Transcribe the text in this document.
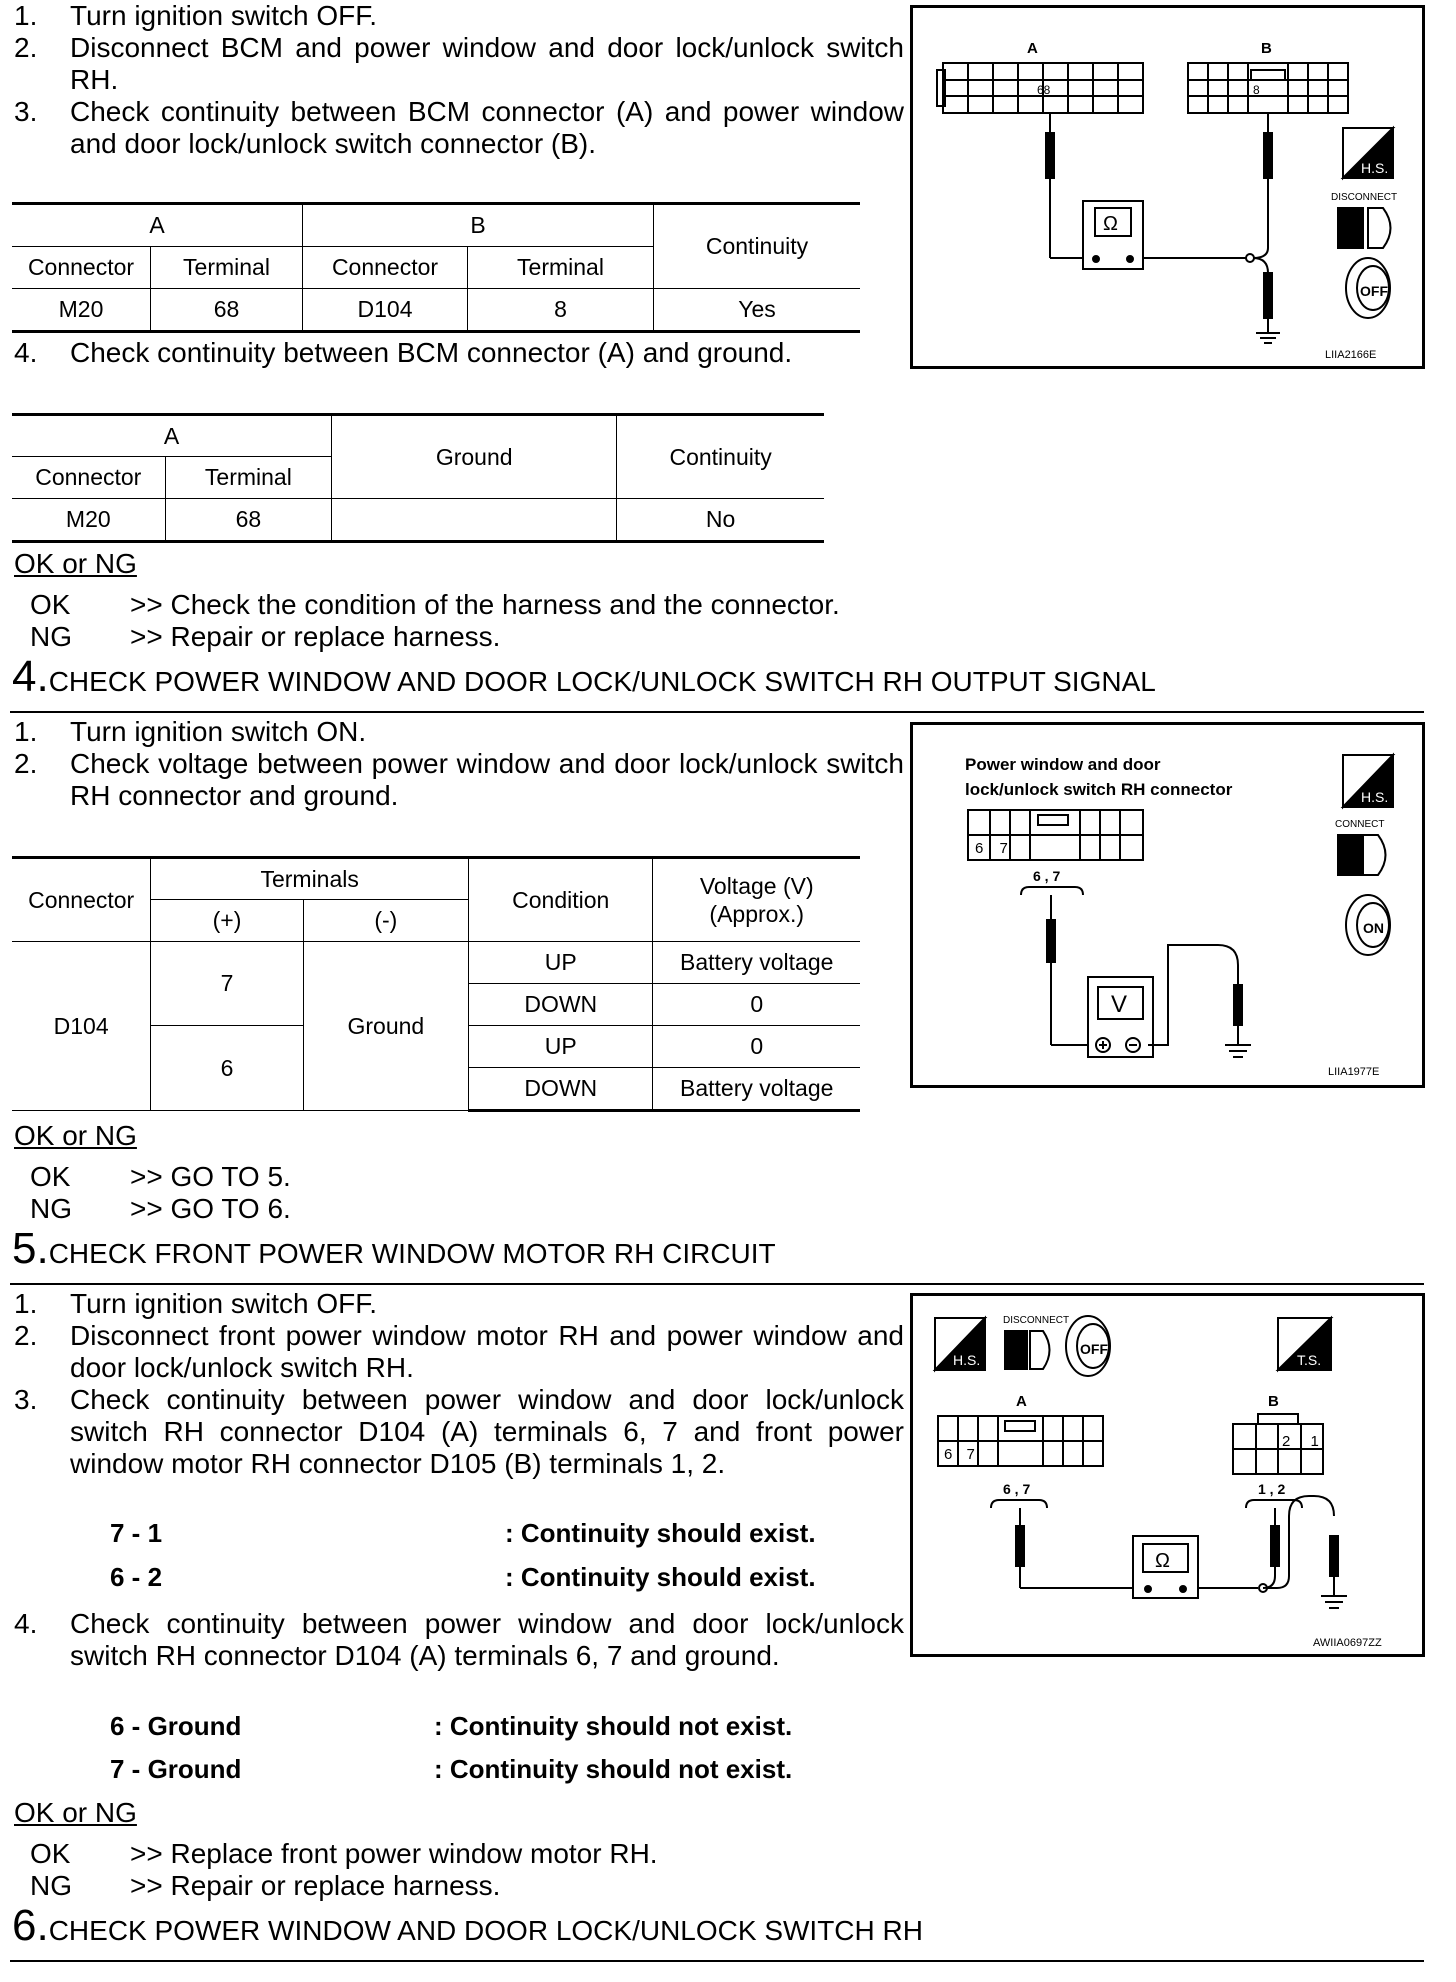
1.	Turn ignition switch OFF.
2.	Disconnect BCM and power window and door lock/unlock switch RH.
3.	Check continuity between BCM connector (A) and power window and door lock/unlock switch connector (B).
A		B		Continuity
Connector	Terminal	Connector	Terminal	
M20	68	D104	8	Yes
4.	Check continuity between BCM connector (A) and ground.
A		Ground	Continuity
Connector	Terminal		
M20	68		No
OK or NG
OK >> Check the condition of the harness and the connector.
NG >> Repair or replace harness.
A
68
B
8
Ω
H.S.
DISCONNECT
OFF
LIIA2166E
4.CHECK POWER WINDOW AND DOOR LOCK/UNLOCK SWITCH RH OUTPUT SIGNAL
1.	Turn ignition switch ON.
2.	Check voltage between power window and door lock/unlock switch RH connector and ground.
Connector	Terminals		Condition	Voltage (V)
(Approx.)

	(+)	(-)		
D104	7	Ground	UP	Battery voltage
			DOWN	0
	6		UP	0
			DOWN	Battery voltage
OK or NG
OK >> GO TO 5.
NG >> GO TO 6.
Power window and door
lock/unlock switch RH connector
6 7
6 , 7
V
H.S.
CONNECT
ON
LIIA1977E
5.CHECK FRONT POWER WINDOW MOTOR RH CIRCUIT
1.	Turn ignition switch OFF.
2.	Disconnect front power window motor RH and power window and door lock/unlock switch RH.
3.	Check continuity between power window and door lock/unlock switch RH connector D104 (A) terminals 6, 7 and front power window motor RH connector D105 (B) terminals 1, 2.
7 - 1	: Continuity should exist.
6 - 2	: Continuity should exist.
4.	Check continuity between power window and door lock/unlock switch RH connector D104 (A) terminals 6, 7 and ground.
6 - Ground	: Continuity should not exist.
7 - Ground	: Continuity should not exist.
OK or NG
OK >> Replace front power window motor RH.
NG >> Repair or replace harness.
H.S.
DISCONNECT
OFF
T.S.
A
6 7
B
2 1
6 , 7	1 , 2
Ω
AWIIA0697ZZ
6.CHECK POWER WINDOW AND DOOR LOCK/UNLOCK SWITCH RH
